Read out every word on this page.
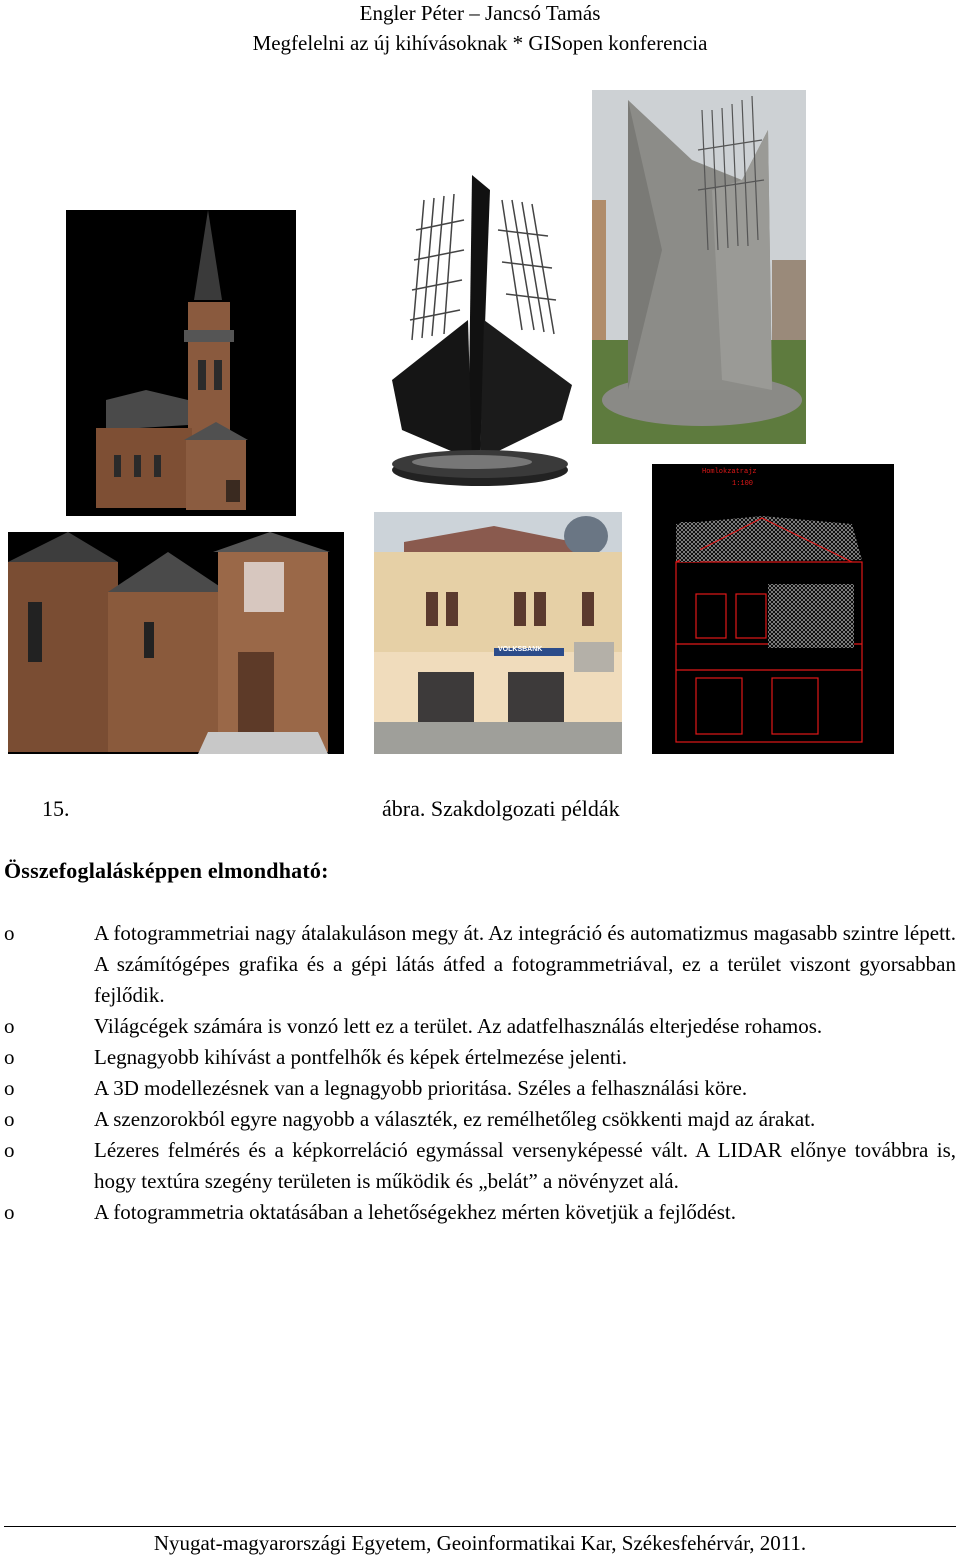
Engler Péter – Jancsó Tamás
Megfelelni az új kihívásoknak * GISopen konferencia
VOLKSBANK
Homlokzatrajz
1:100
15.	ábra. Szakdolgozati példák
Összefoglalásképpen elmondható:
o	A fotogrammetriai nagy átalakuláson megy át. Az integráció és automatizmus magasabb szintre lépett. A számítógépes grafika és a gépi látás átfed a fotogrammetriával, ez a terület viszont gyorsabban fejlődik.
o	Világcégek számára is vonzó lett ez a terület. Az adatfelhasználás elterjedése rohamos.
o	Legnagyobb kihívást a pontfelhők és képek értelmezése jelenti.
o	A 3D modellezésnek van a legnagyobb prioritása. Széles a felhasználási köre.
o	A szenzorokból egyre nagyobb a választék, ez remélhetőleg csökkenti majd az árakat.
o	Lézeres felmérés és a képkorreláció egymással versenyképessé vált. A LIDAR előnye továbbra is, hogy textúra szegény területen is működik és „belát” a növényzet alá.
o	A fotogrammetria oktatásában a lehetőségekhez mérten követjük a fejlődést.
Nyugat-magyarországi Egyetem, Geoinformatikai Kar, Székesfehérvár, 2011.
